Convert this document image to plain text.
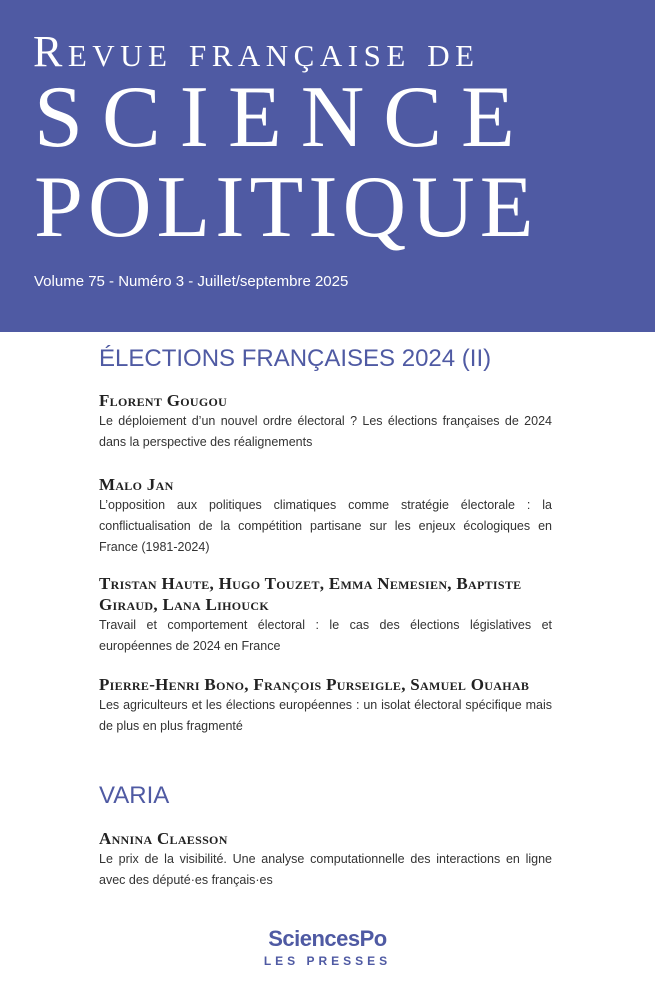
Revue française de
SCIENCE
POLITIQUE
Volume 75 - Numéro 3 - Juillet/septembre 2025
ÉLECTIONS FRANÇAISES 2024 (II)
Florent Gougou
Le déploiement d’un nouvel ordre électoral ? Les élections françaises de 2024 dans la perspective des réalignements
Malo Jan
L’opposition aux politiques climatiques comme stratégie électorale : la conflictualisation de la compétition partisane sur les enjeux écologiques en France (1981-2024)
Tristan Haute, Hugo Touzet, Emma Nemesien, Baptiste Giraud, Lana Lihouck
Travail et comportement électoral : le cas des élections législatives et européennes de 2024 en France
Pierre-Henri Bono, François Purseigle, Samuel Ouahab
Les agriculteurs et les élections européennes : un isolat électoral spécifique mais de plus en plus fragmenté
VARIA
Annina Claesson
Le prix de la visibilité. Une analyse computationnelle des interactions en ligne avec des député·es français·es
SciencesPo
LES PRESSES
